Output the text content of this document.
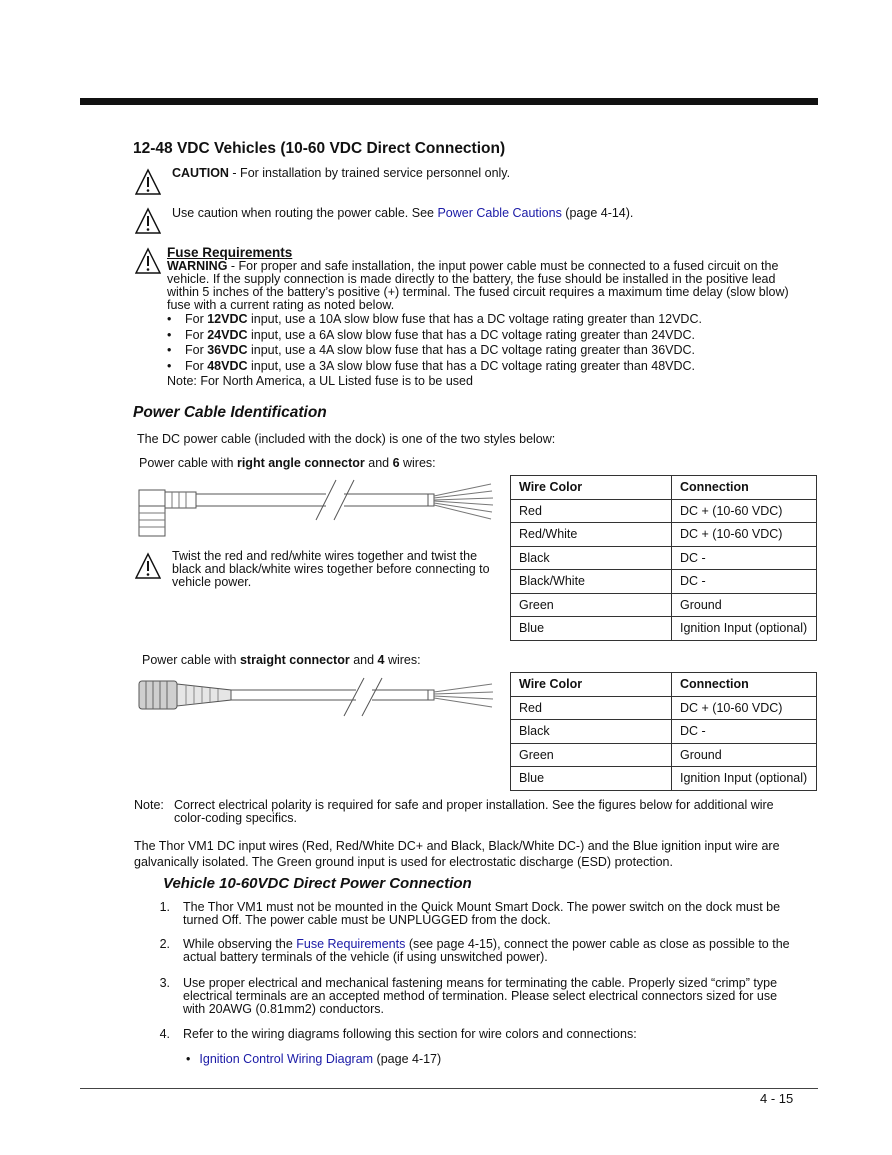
12-48 VDC Vehicles (10-60 VDC Direct Connection)
CAUTION - For installation by trained service personnel only.
Use caution when routing the power cable. See Power Cable Cautions (page 4-14).
Fuse Requirements
WARNING - For proper and safe installation, the input power cable must be connected to a fused circuit on the
vehicle. If the supply connection is made directly to the battery, the fuse should be installed in the positive lead
within 5 inches of the battery’s positive (+) terminal. The fused circuit requires a maximum time delay (slow blow)
fuse with a current rating as noted below.
• For 12VDC input, use a 10A slow blow fuse that has a DC voltage rating greater than 12VDC.
• For 24VDC input, use a 6A slow blow fuse that has a DC voltage rating greater than 24VDC.
• For 36VDC input, use a 4A slow blow fuse that has a DC voltage rating greater than 36VDC.
• For 48VDC input, use a 3A slow blow fuse that has a DC voltage rating greater than 48VDC.
Note: For North America, a UL Listed fuse is to be used
Power Cable Identification
The DC power cable (included with the dock) is one of the two styles below:
Power cable with right angle connector and 6 wires:
Twist the red and red/white wires together and twist the
black and black/white wires together before connecting to
vehicle power.
Wire Color	Connection
Red	DC + (10-60 VDC)
Red/White	DC + (10-60 VDC)
Black	DC -
Black/White	DC -
Green	Ground
Blue	Ignition Input (optional)
Power cable with straight connector and 4 wires:
Wire Color	Connection
Red	DC + (10-60 VDC)
Black	DC -
Green	Ground
Blue	Ignition Input (optional)
Note: Correct electrical polarity is required for safe and proper installation. See the figures below for additional wire
color-coding specifics.
The Thor VM1 DC input wires (Red, Red/White DC+ and Black, Black/White DC-) and the Blue ignition input wire are
galvanically isolated. The Green ground input is used for electrostatic discharge (ESD) protection.
Vehicle 10-60VDC Direct Power Connection
1. The Thor VM1 must not be mounted in the Quick Mount Smart Dock. The power switch on the dock must be
turned Off. The power cable must be UNPLUGGED from the dock.
2. While observing the Fuse Requirements (see page 4-15), connect the power cable as close as possible to the
actual battery terminals of the vehicle (if using unswitched power).
3. Use proper electrical and mechanical fastening means for terminating the cable. Properly sized “crimp” type
electrical terminals are an accepted method of termination. Please select electrical connectors sized for use
with 20AWG (0.81mm2) conductors.
4. Refer to the wiring diagrams following this section for wire colors and connections:
• Ignition Control Wiring Diagram (page 4-17)
4 - 15
